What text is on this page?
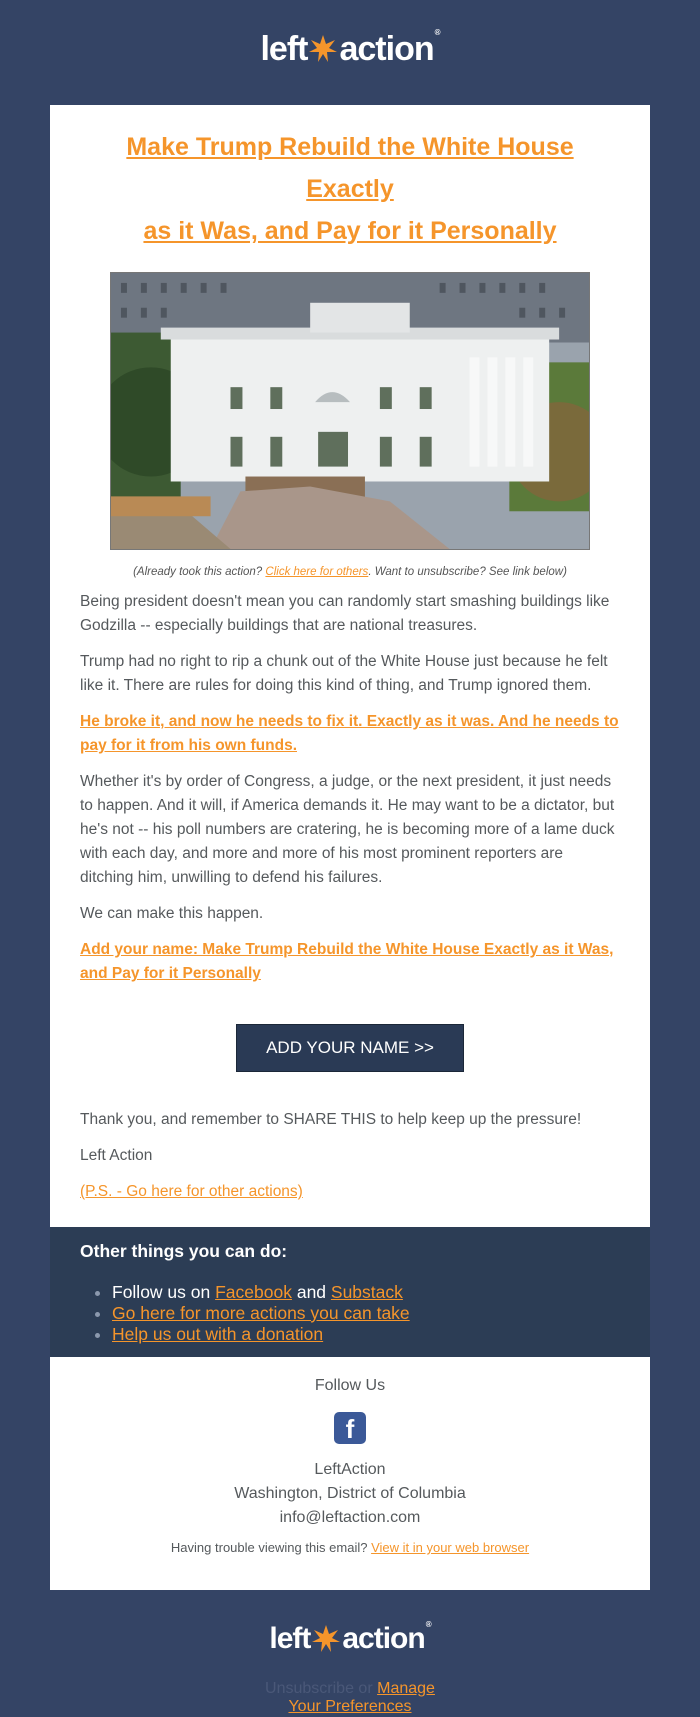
left action ®
Make Trump Rebuild the White House Exactly
as it Was, and Pay for it Personally
(Already took this action? Click here for others. Want to unsubscribe? See link below)

Being president doesn't mean you can randomly start smashing buildings like Godzilla -- especially buildings that are national treasures.

Trump had no right to rip a chunk out of the White House just because he felt like it. There are rules for doing this kind of thing, and Trump ignored them.

He broke it, and now he needs to fix it. Exactly as it was. And he needs to pay for it from his own funds.

Whether it's by order of Congress, a judge, or the next president, it just needs to happen. And it will, if America demands it. He may want to be a dictator, but he's not -- his poll numbers are cratering, he is becoming more of a lame duck with each day, and more and more of his most prominent reporters are ditching him, unwilling to defend his failures.

We can make this happen.

Add your name: Make Trump Rebuild the White House Exactly as it Was, and Pay for it Personally

ADD YOUR NAME >>

Thank you, and remember to SHARE THIS to help keep up the pressure!

Left Action

(P.S. - Go here for other actions)

Other things you can do:
• Follow us on Facebook and Substack
• Go here for more actions you can take
• Help us out with a donation
Follow Us
f
LeftAction
Washington, District of Columbia
info@leftaction.com
Having trouble viewing this email? View it in your web browser
left action ®
Unsubscribe or Manage
Your Preferences
